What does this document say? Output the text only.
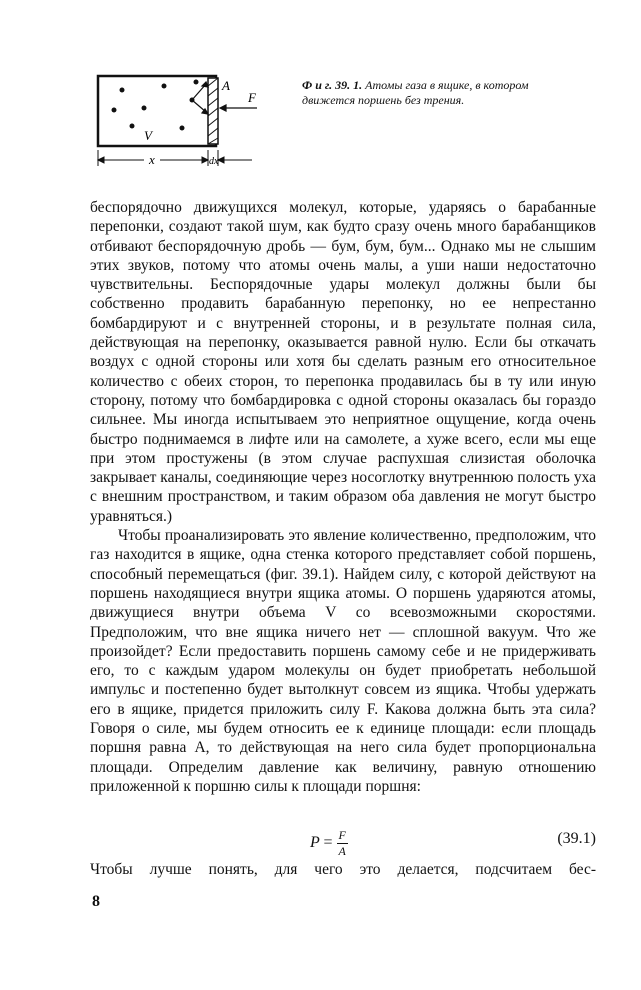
A
F
V
x	dx
Ф и г. 39. 1. Атомы газа в ящике, в котором движется поршень без трения.

беспорядочно движущихся молекул, которые, ударяясь о барабанные перепонки, создают такой шум, как будто сразу очень много барабанщиков отбивают беспорядочную дробь — бум, бум, бум... Однако мы не слышим этих звуков, потому что атомы очень малы, а уши наши недостаточно чувствительны. Беспорядочные удары молекул должны были бы собственно продавить барабанную перепонку, но ее непрестанно бомбардируют и с внутренней стороны, и в результате полная сила, действующая на перепонку, оказывается равной нулю. Если бы откачать воздух с одной стороны или хотя бы сделать разным его относительное количество с обеих сторон, то перепонка продавилась бы в ту или иную сторону, потому что бомбардировка с одной стороны оказалась бы гораздо сильнее. Мы иногда испытываем это неприятное ощущение, когда очень быстро поднимаемся в лифте или на самолете, а хуже всего, если мы еще при этом простужены (в этом случае распухшая слизистая оболочка закрывает каналы, соединяющие через носоглотку внутреннюю полость уха с внешним пространством, и таким образом оба давления не могут быстро уравняться.)

Чтобы проанализировать это явление количественно, предположим, что газ находится в ящике, одна стенка которого представляет собой поршень, способный перемещаться (фиг. 39.1). Найдем силу, с которой действуют на поршень находящиеся внутри ящика атомы. О поршень ударяются атомы, движущиеся внутри объема V со всевозможными скоростями. Предположим, что вне ящика ничего нет — сплошной вакуум. Что же произойдет? Если предоставить поршень самому себе и не придерживать его, то с каждым ударом молекулы он будет приобретать небольшой импульс и постепенно будет вытолкнут совсем из ящика. Чтобы удержать его в ящике, придется приложить силу F. Какова должна быть эта сила? Говоря о силе, мы будем относить ее к единице площади: если площадь поршня равна A, то действующая на него сила будет пропорциональна площади. Определим давление как величину, равную отношению приложенной к поршню силы к площади поршня:

$P = \frac{F}{A}$	(39.1)
Чтобы лучше понять, для чего это делается, подсчитаем бес-
8
